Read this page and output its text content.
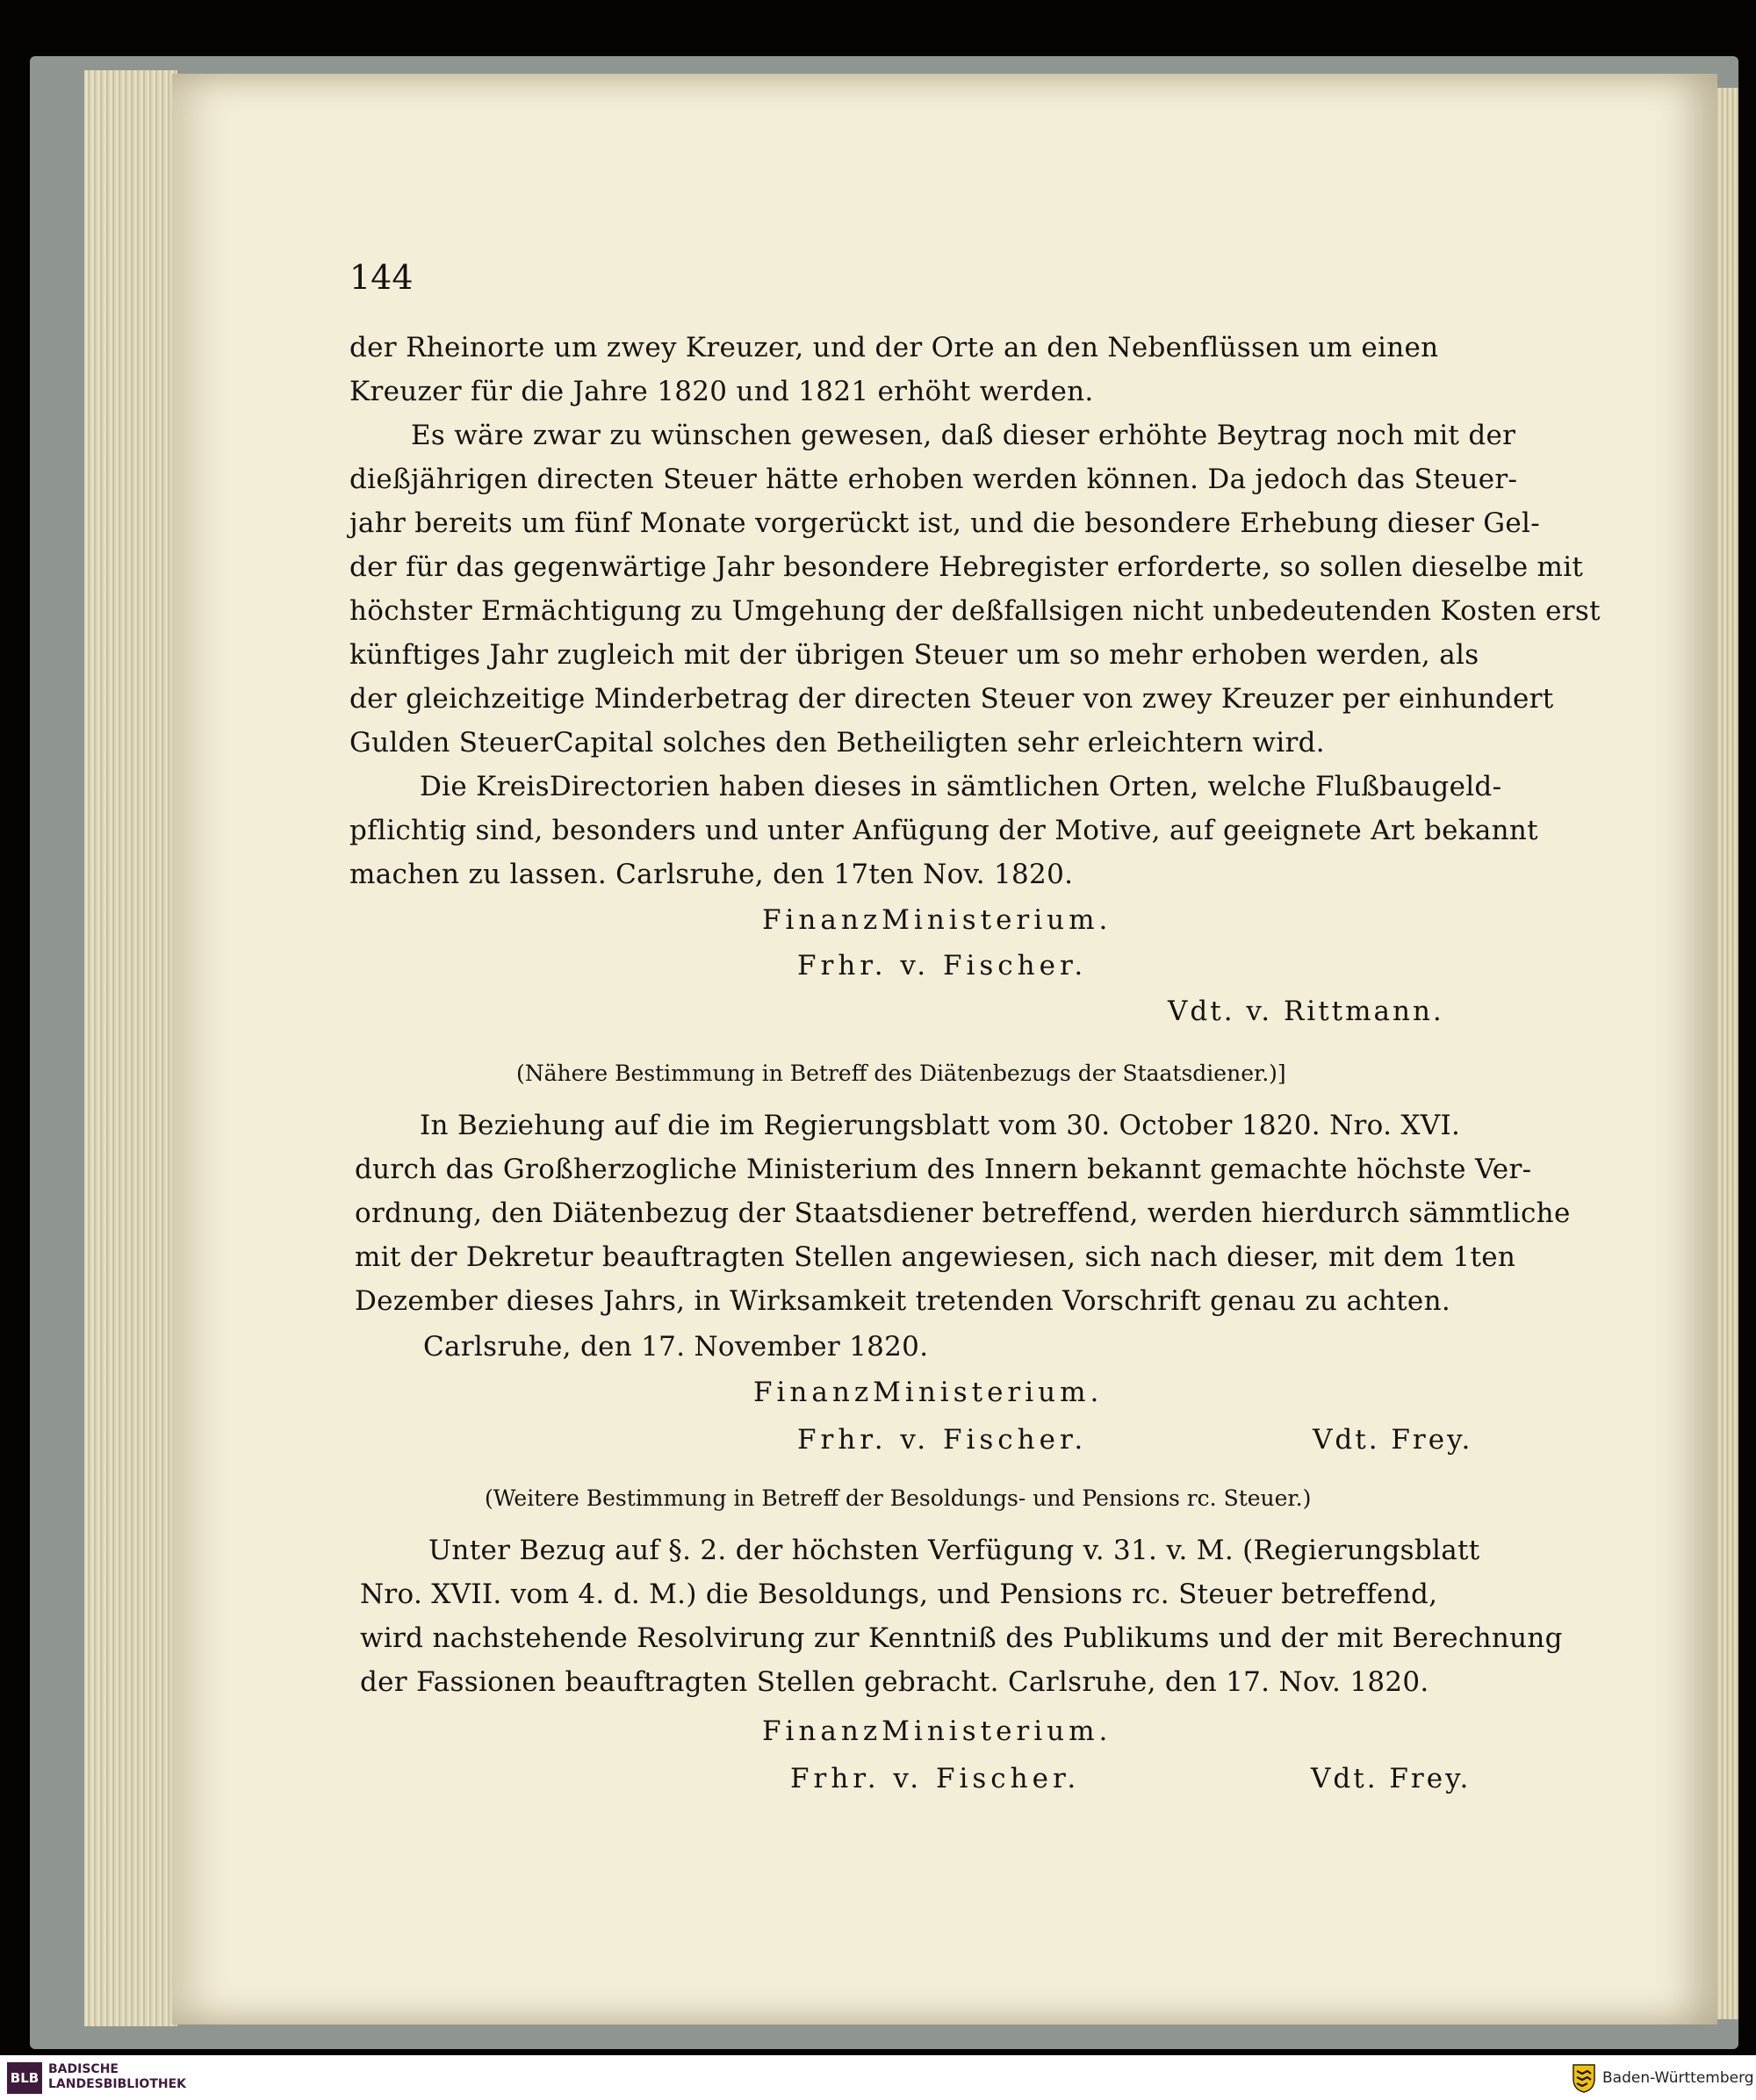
144
der Rheinorte um zwey Kreuzer, und der Orte an den Nebenflüssen um einen
Kreuzer für die Jahre 1820 und 1821 erhöht werden.
Es wäre zwar zu wünschen gewesen, daß dieser erhöhte Beytrag noch mit der
dießjährigen directen Steuer hätte erhoben werden können. Da jedoch das Steuer-
jahr bereits um fünf Monate vorgerückt ist, und die besondere Erhebung dieser Gel-
der für das gegenwärtige Jahr besondere Hebregister erforderte, so sollen dieselbe mit
höchster Ermächtigung zu Umgehung der deßfallsigen nicht unbedeutenden Kosten erst
künftiges Jahr zugleich mit der übrigen Steuer um so mehr erhoben werden, als
der gleichzeitige Minderbetrag der directen Steuer von zwey Kreuzer per einhundert
Gulden SteuerCapital solches den Betheiligten sehr erleichtern wird.
Die KreisDirectorien haben dieses in sämtlichen Orten, welche Flußbaugeld-
pflichtig sind, besonders und unter Anfügung der Motive, auf geeignete Art bekannt
machen zu lassen. Carlsruhe, den 17ten Nov. 1820.
FinanzMinisterium.
Frhr. v. Fischer.
Vdt. v. Rittmann.
(Nähere Bestimmung in Betreff des Diätenbezugs der Staatsdiener.)]
In Beziehung auf die im Regierungsblatt vom 30. October 1820. Nro. XVI.
durch das Großherzogliche Ministerium des Innern bekannt gemachte höchste Ver-
ordnung, den Diätenbezug der Staatsdiener betreffend, werden hierdurch sämmtliche
mit der Dekretur beauftragten Stellen angewiesen, sich nach dieser, mit dem 1ten
Dezember dieses Jahrs, in Wirksamkeit tretenden Vorschrift genau zu achten.
Carlsruhe, den 17. November 1820.
FinanzMinisterium.
Frhr. v. Fischer.	Vdt. Frey.
(Weitere Bestimmung in Betreff der Besoldungs- und Pensions rc. Steuer.)
Unter Bezug auf §. 2. der höchsten Verfügung v. 31. v. M. (Regierungsblatt
Nro. XVII. vom 4. d. M.) die Besoldungs, und Pensions rc. Steuer betreffend,
wird nachstehende Resolvirung zur Kenntniß des Publikums und der mit Berechnung
der Fassionen beauftragten Stellen gebracht. Carlsruhe, den 17. Nov. 1820.
FinanzMinisterium.
Frhr. v. Fischer.	Vdt. Frey.
BLB
BADISCHE
LANDESBIBLIOTHEK	Baden-Württemberg
